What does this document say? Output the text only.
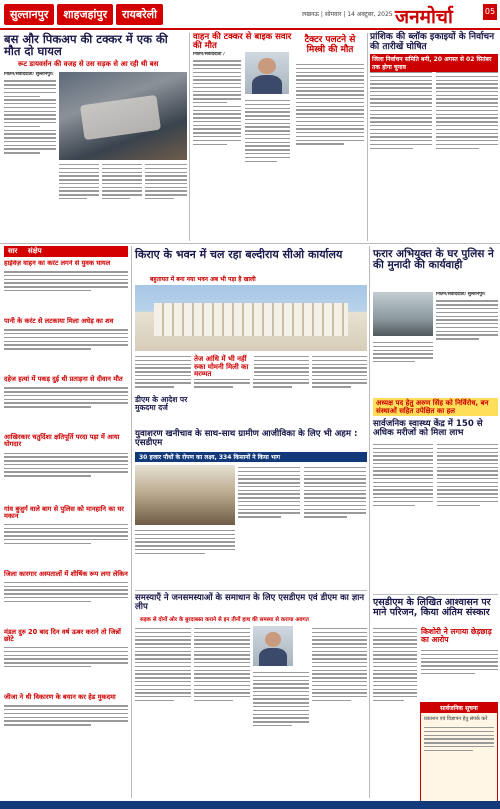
सुल्तानपुर	शाहजहांपुर	रायबरेली	लखनऊ | सोमवार | 14 अक्टूबर, 2025 जनमोर्चा	05
बस और पिकअप की टक्कर में एक की मौत दो घायल
रूट डायवर्सन की वजह से उस सड़क से आ रही थी बस
नितिन/संवाददाता/ सुल्तानपुर।
वाहन की टक्कर से बाइक सवार की मौत
नितिन/संवाददाता /
टैक्टर पलटने से मिस्त्री की मौत
प्रांशिक की ब्लॉक इकाइयों के निर्वाचन की तारीखें घोषित
जिला निर्वाचन समिति बनी, 20 अगस्त से 02 सितंबर तक होगा चुनाव
सार संक्षेप
हाईवेज़ वाहन का करंट लगने से युवक घायल
पानी के करंट से लटकाया मिला अधेड़ का शव
दहेज हत्यां में पकड़ दुई थी प्रताड़ना से दीवान मौत
आखिरकार चतुर्दिशा क्षतिपूर्ति परदा पड़ा में आया योगदार
गांव बुजुर्ग वाले बाग से पुलिस को मानहानि का घर मकान
जिला कारगार अस्पतालों में शीर्षिक रूप लगा लेकिन
मंडल दुरु 20 बाद दिन वर्ष ऊबर कराने तो जिन्नों छोटे
जीजा ने थी विकारण के बयान कर हेड मुकदमा
किराए के भवन में चल रहा बल्दीराय सीओ कार्यालय
बहुतायत में बना नया भवन अब भी पड़ा है खाली
तेज आंधि में भी नहीं रुका मोमनी मिली का मरम्मत
डीएम के आदेश पर मुकदमा दर्ज
युवाशरण खनीचाव के साथ-साथ ग्रामीण आजीविका के लिए भी अहम : एसडीएम
30 हजार पौधों के रोपण का लक्ष्य, 334 किसानों ने किया भाग
समस्याएँ ने जनसमस्याओं के समाधान के लिए एसडीएम एवं डीएम का ज्ञान लीप
सड़क से दोनों ओर के बुरदाबस्त कराने से इन तीनों हाथ की समस्या से कराया अवगत
फरार अभियुक्त के घर पुलिस ने की मुनादी की कार्यवाही
नितिन/संवाददाता/ सुल्तानपुर।
अध्यक्ष पद हेतु अरुण सिंह को निर्विरोध, बन संस्थाओं सहित उपेक्षित का हल
सार्वजनिक स्वास्थ्य केंद्र में 150 से अधिक मरीजों को मिला लाभ
एसडीएम के लिखित आश्वासन पर माने परिजन, किया अंतिम संस्कार
किशोरी ने लगाया छेड़छाड़ का आरोप
सार्वजनिक सूचना
प्रकाशन एवं विज्ञापन हेतु संपर्क करें
